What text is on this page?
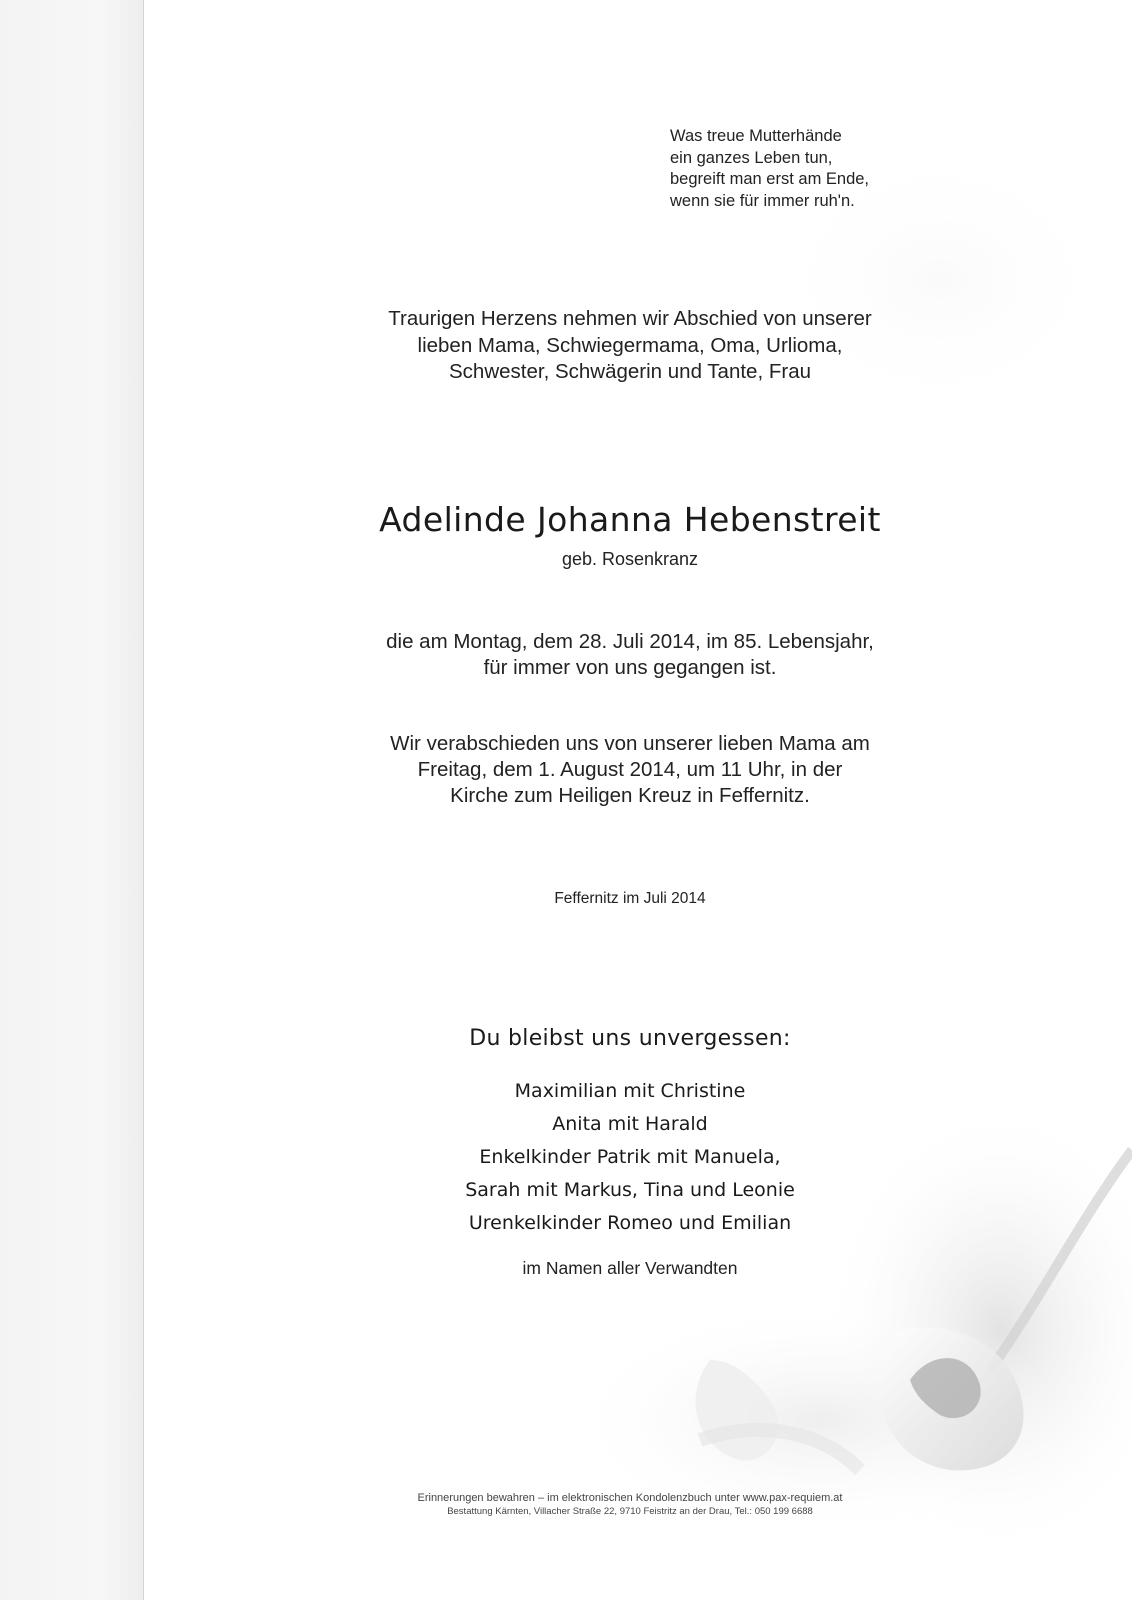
Was treue Mutterhände
ein ganzes Leben tun,
begreift man erst am Ende,
wenn sie für immer ruh'n.
Traurigen Herzens nehmen wir Abschied von unserer
lieben Mama, Schwiegermama, Oma, Urlioma,
Schwester, Schwägerin und Tante, Frau
Adelinde Johanna Hebenstreit
geb. Rosenkranz
die am Montag, dem 28. Juli 2014, im 85. Lebensjahr,
für immer von uns gegangen ist.
Wir verabschieden uns von unserer lieben Mama am
Freitag, dem 1. August 2014, um 11 Uhr, in der
Kirche zum Heiligen Kreuz in Feffernitz.
Feffernitz im Juli 2014
Du bleibst uns unvergessen:
Maximilian mit Christine
Anita mit Harald
Enkelkinder Patrik mit Manuela,
Sarah mit Markus, Tina und Leonie
Urenkelkinder Romeo und Emilian
im Namen aller Verwandten
Erinnerungen bewahren – im elektronischen Kondolenzbuch unter www.pax-requiem.at
Bestattung Kärnten, Villacher Straße 22, 9710 Feistritz an der Drau, Tel.: 050 199 6688
